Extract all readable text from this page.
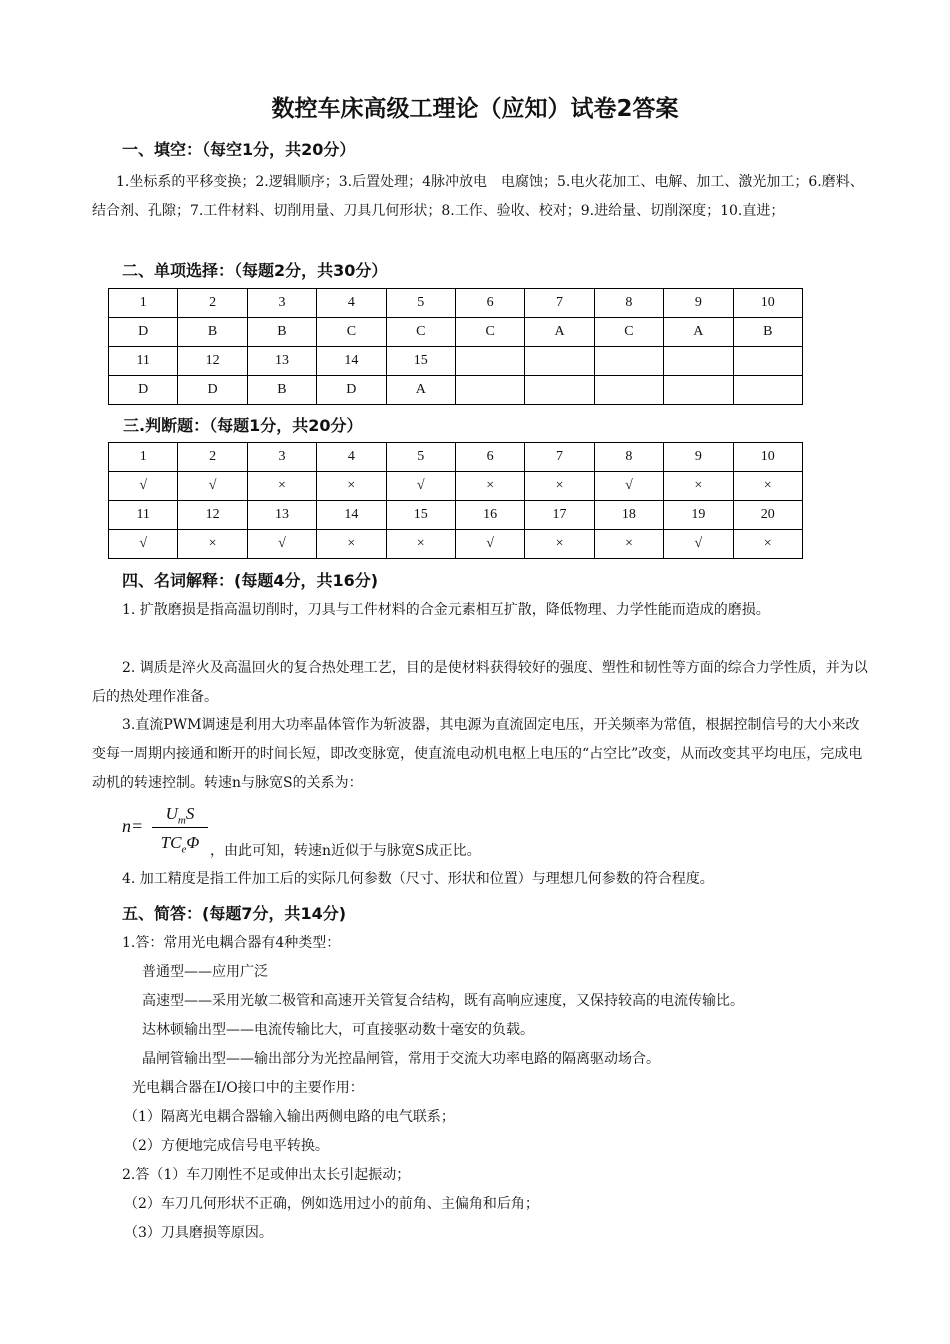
数控车床高级工理论（应知）试卷2答案
一、填空：（每空1分，共20分）
1.坐标系的平移变换；2.逻辑顺序；3.后置处理；4脉冲放电　电腐蚀；5.电火花加工、电解、加工、激光加工；6.磨料、结合剂、孔隙；7.工件材料、切削用量、刀具几何形状；8.工作、验收、校对；9.进给量、切削深度；10.直进；
二、单项选择：（每题2分，共30分）
1	2	3	4	5	6	7	8	9	10
D	B	B	C	C	C	A	C	A	B
11	12	13	14	15					
D	D	B	D	A					
三.判断题：（每题1分，共20分）
1	2	3	4	5	6	7	8	9	10
√	√	×	×	√	×	×	√	×	×
11	12	13	14	15	16	17	18	19	20
√	×	√	×	×	√	×	×	√	×
四、名词解释：(每题4分，共16分)
1. 扩散磨损是指高温切削时，刀具与工件材料的合金元素相互扩散，降低物理、力学性能而造成的磨损。
2. 调质是淬火及高温回火的复合热处理工艺，目的是使材料获得较好的强度、塑性和韧性等方面的综合力学性质，并为以后的热处理作准备。
3.直流PWM调速是利用大功率晶体管作为斩波器，其电源为直流固定电压，开关频率为常值，根据控制信号的大小来改变每一周期内接通和断开的时间长短，即改变脉宽，使直流电动机电枢上电压的“占空比”改变，从而改变其平均电压，完成电动机的转速控制。转速n与脉宽S的关系为：
n=
$U_mS$
$TC_e\Phi$ ，由此可知，转速n近似于与脉宽S成正比。
4. 加工精度是指工件加工后的实际几何参数（尺寸、形状和位置）与理想几何参数的符合程度。
五、简答：(每题7分，共14分)
1.答：常用光电耦合器有4种类型：
普通型——应用广泛
高速型——采用光敏二极管和高速开关管复合结构，既有高响应速度，又保持较高的电流传输比。
达林顿输出型——电流传输比大，可直接驱动数十毫安的负载。
晶闸管输出型——输出部分为光控晶闸管，常用于交流大功率电路的隔离驱动场合。
光电耦合器在I/O接口中的主要作用：
（1）隔离光电耦合器输入输出两侧电路的电气联系；
（2）方便地完成信号电平转换。
2.答（1）车刀刚性不足或伸出太长引起振动；
（2）车刀几何形状不正确，例如选用过小的前角、主偏角和后角；
（3）刀具磨损等原因。
